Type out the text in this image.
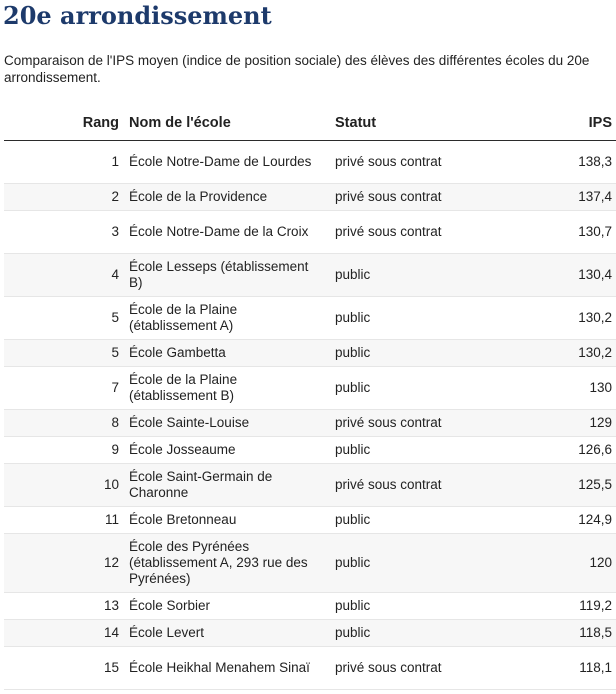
20e arrondissement

Comparaison de l'IPS moyen (indice de position sociale) des élèves des différentes écoles du 20e arrondissement.

Rang	Nom de l'école	Statut	IPS
1	École Notre-Dame de Lourdes	privé sous contrat	138,3
2	École de la Providence	privé sous contrat	137,4
3	École Notre-Dame de la Croix	privé sous contrat	130,7
4	École Lesseps (établissement B)	public	130,4
5	École de la Plaine (établissement A)	public	130,2
5	École Gambetta	public	130,2
7	École de la Plaine (établissement B)	public	130
8	École Sainte-Louise	privé sous contrat	129
9	École Josseaume	public	126,6
10	École Saint-Germain de Charonne	privé sous contrat	125,5
11	École Bretonneau	public	124,9
12	École des Pyrénées (établissement A, 293 rue des Pyrénées)	public	120
13	École Sorbier	public	119,2
14	École Levert	public	118,5
15	École Heikhal Menahem Sinaï	privé sous contrat	118,1
